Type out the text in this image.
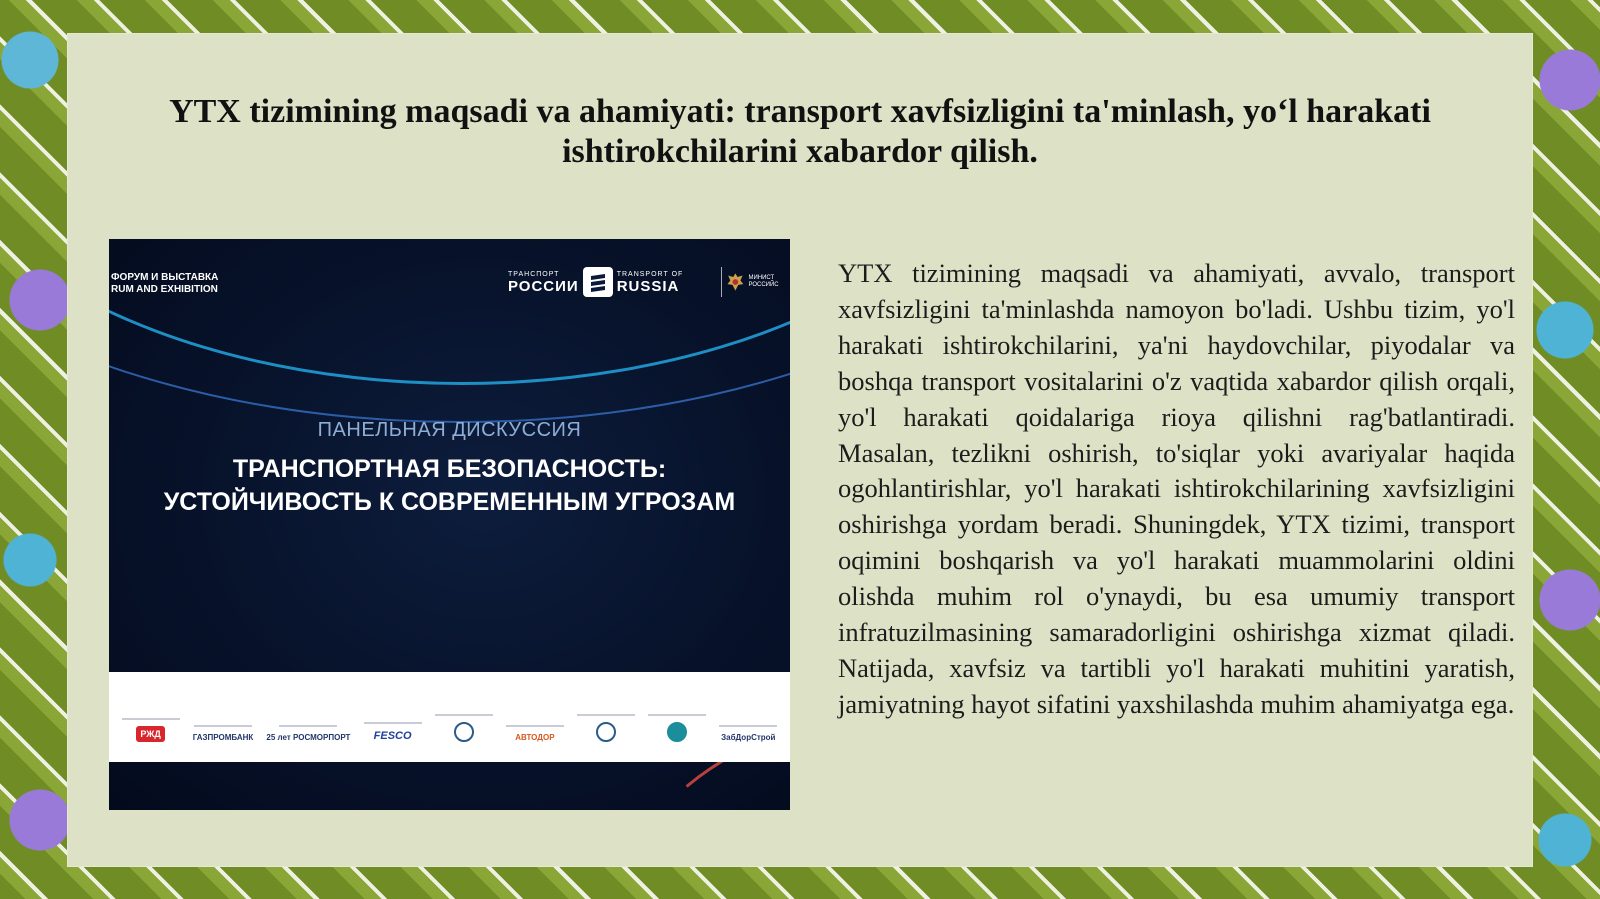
YTX tizimining maqsadi va ahamiyati: transport xavfsizligini ta'minlash, yo‘l harakati ishtirokchilarini xabardor qilish.
ФОРУМ И ВЫСТАВКА
RUM AND EXHIBITION
ТРАНСПОРТ
РОССИИ
TRANSPORT OF
RUSSIA	МИНИСТ РОССИЙС
ПАНЕЛЬНАЯ ДИСКУССИЯ
ТРАНСПОРТНАЯ БЕЗОПАСНОСТЬ:
УСТОЙЧИВОСТЬ К СОВРЕМЕННЫМ УГРОЗАМ
РЖД	ГАЗПРОМБАНК 25 лет РОСМОРПОРТ FESCO	АВТОДОР	ЗабДорСтрой

YTX tizimining maqsadi va ahamiyati, avvalo, transport xavfsizligini ta'minlashda namoyon bo'ladi. Ushbu tizim, yo'l harakati ishtirokchilarini, ya'ni haydovchilar, piyodalar va boshqa transport vositalarini o'z vaqtida xabardor qilish orqali, yo'l harakati qoidalariga rioya qilishni rag'batlantiradi. Masalan, tezlikni oshirish, to'siqlar yoki avariyalar haqida ogohlantirishlar, yo'l harakati ishtirokchilarining xavfsizligini oshirishga yordam beradi. Shuningdek, YTX tizimi, transport oqimini boshqarish va yo'l harakati muammolarini oldini olishda muhim rol o'ynaydi, bu esa umumiy transport infratuzilmasining samaradorligini oshirishga xizmat qiladi. Natijada, xavfsiz va tartibli yo'l harakati muhitini yaratish, jamiyatning hayot sifatini yaxshilashda muhim ahamiyatga ega.
